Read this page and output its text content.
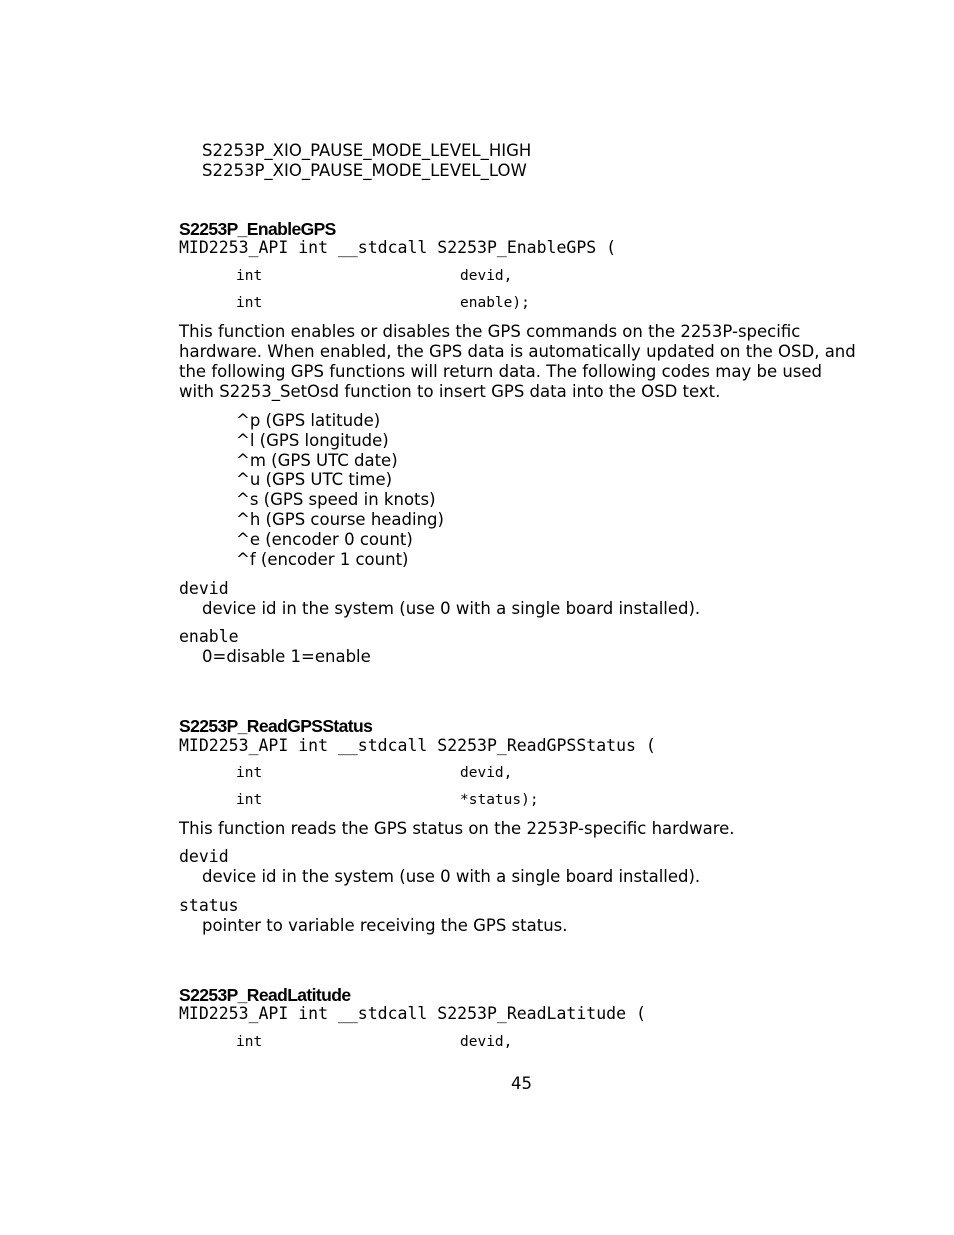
S2253P_XIO_PAUSE_MODE_LEVEL_HIGH
S2253P_XIO_PAUSE_MODE_LEVEL_LOW
S2253P_EnableGPS
MID2253_API int __stdcall S2253P_EnableGPS (
int	devid,
int	enable);
This function enables or disables the GPS commands on the 2253P-specific hardware. When enabled, the GPS data is automatically updated on the OSD, and the following GPS functions will return data. The following codes may be used with S2253_SetOsd function to insert GPS data into the OSD text.
^p (GPS latitude)
^l (GPS longitude)
^m (GPS UTC date)
^u (GPS UTC time)
^s (GPS speed in knots)
^h (GPS course heading)
^e (encoder 0 count)
^f (encoder 1 count)
devid
device id in the system (use 0 with a single board installed).
enable
0=disable 1=enable
S2253P_ReadGPSStatus
MID2253_API int __stdcall S2253P_ReadGPSStatus (
int	devid,
int	*status);
This function reads the GPS status on the 2253P-specific hardware.
devid
device id in the system (use 0 with a single board installed).
status
pointer to variable receiving the GPS status.
S2253P_ReadLatitude
MID2253_API int __stdcall S2253P_ReadLatitude (
int	devid,
45
